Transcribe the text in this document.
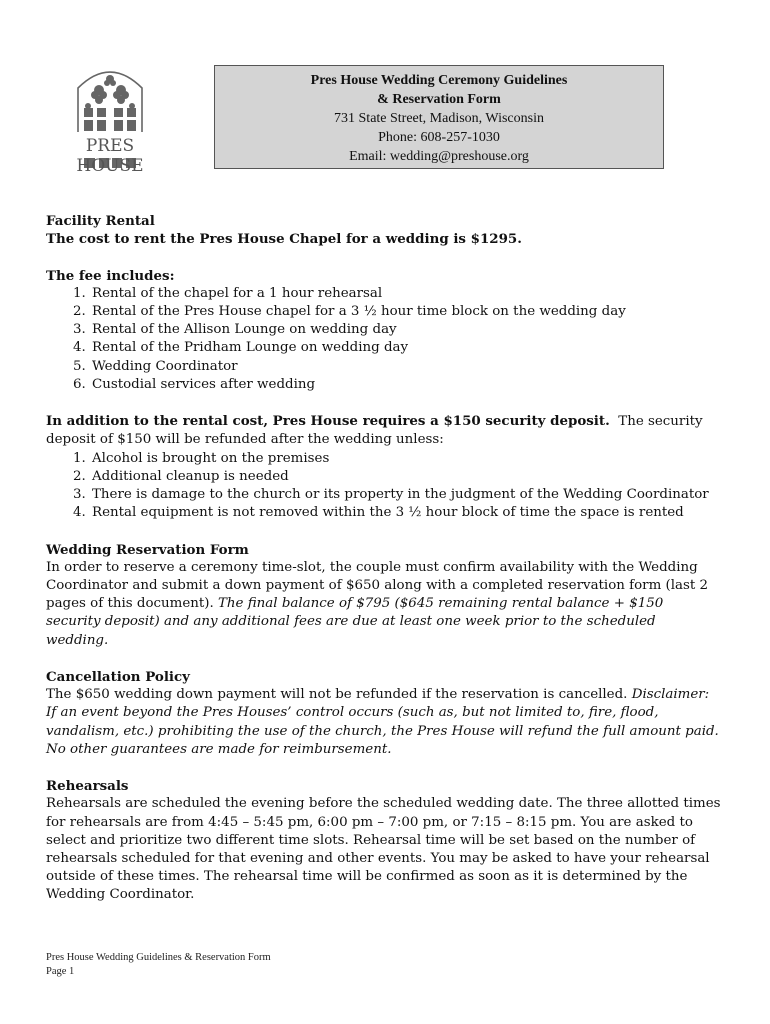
PRES HOUSE
Pres House Wedding Ceremony Guidelines
& Reservation Form
731 State Street, Madison, Wisconsin
Phone: 608-257-1030
Email: wedding@preshouse.org

Facility Rental

The cost to rent the Pres House Chapel for a wedding is $1295.

The fee includes:

1. Rental of the chapel for a 1 hour rehearsal
2. Rental of the Pres House chapel for a 3 ½ hour time block on the wedding day
3. Rental of the Allison Lounge on wedding day
4. Rental of the Pridham Lounge on wedding day
5. Wedding Coordinator
6. Custodial services after wedding

In addition to the rental cost, Pres House requires a $150 security deposit.  The security deposit of $150 will be refunded after the wedding unless:

1. Alcohol is brought on the premises
2. Additional cleanup is needed
3. There is damage to the church or its property in the judgment of the Wedding Coordinator
4. Rental equipment is not removed within the 3 ½ hour block of time the space is rented

Wedding Reservation Form

In order to reserve a ceremony time-slot, the couple must confirm availability with the Wedding Coordinator and submit a down payment of $650 along with a completed reservation form (last 2 pages of this document). The final balance of $795 ($645 remaining rental balance + $150 security deposit) and any additional fees are due at least one week prior to the scheduled wedding.

Cancellation Policy

The $650 wedding down payment will not be refunded if the reservation is cancelled. Disclaimer: If an event beyond the Pres Houses’ control occurs (such as, but not limited to, fire, flood, vandalism, etc.) prohibiting the use of the church, the Pres House will refund the full amount paid. No other guarantees are made for reimbursement.

Rehearsals

Rehearsals are scheduled the evening before the scheduled wedding date. The three allotted times for rehearsals are from 4:45 – 5:45 pm, 6:00 pm – 7:00 pm, or 7:15 – 8:15 pm. You are asked to select and prioritize two different time slots. Rehearsal time will be set based on the number of rehearsals scheduled for that evening and other events. You may be asked to have your rehearsal outside of these times. The rehearsal time will be confirmed as soon as it is determined by the Wedding Coordinator.

Pres House Wedding Guidelines & Reservation Form
Page 1
